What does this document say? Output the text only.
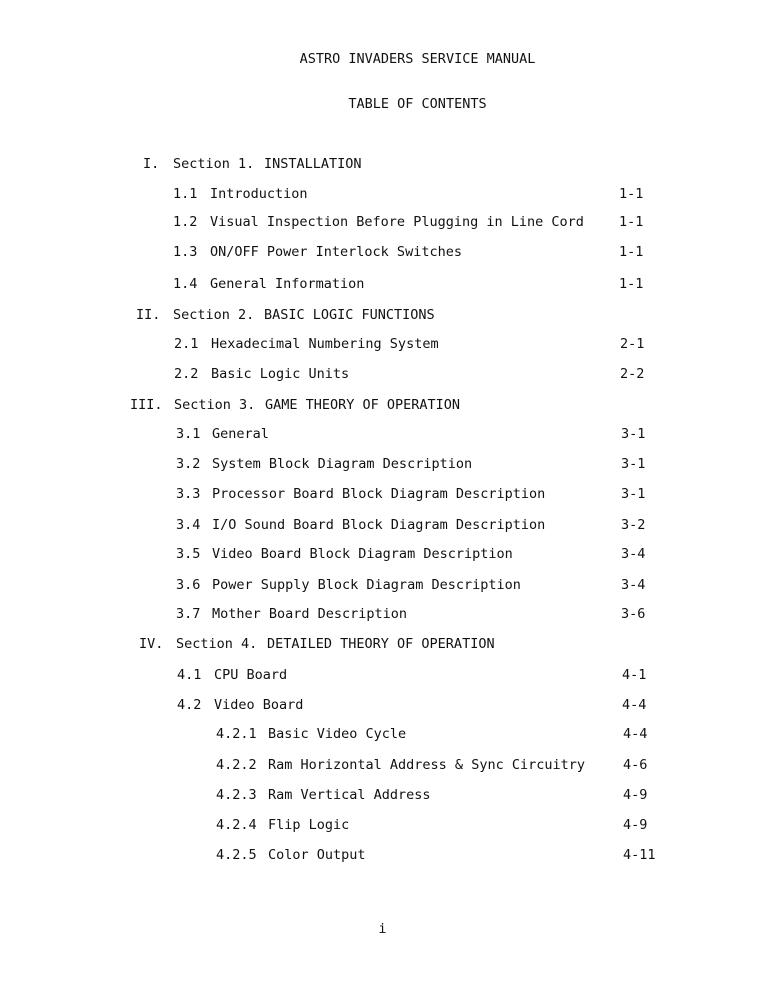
ASTRO INVADERS SERVICE MANUAL
TABLE OF CONTENTS
I. Section 1. INSTALLATION
1.1 Introduction	1-1
1.2 Visual Inspection Before Plugging in Line Cord	1-1
1.3 ON/OFF Power Interlock Switches	1-1
1.4 General Information	1-1
II. Section 2. BASIC LOGIC FUNCTIONS
2.1 Hexadecimal Numbering System	2-1
2.2 Basic Logic Units	2-2
III. Section 3. GAME THEORY OF OPERATION
3.1 General	3-1
3.2 System Block Diagram Description	3-1
3.3 Processor Board Block Diagram Description	3-1
3.4 I/O Sound Board Block Diagram Description	3-2
3.5 Video Board Block Diagram Description	3-4
3.6 Power Supply Block Diagram Description	3-4
3.7 Mother Board Description	3-6
IV. Section 4. DETAILED THEORY OF OPERATION
4.1 CPU Board	4-1
4.2 Video Board	4-4
4.2.1 Basic Video Cycle	4-4
4.2.2 Ram Horizontal Address & Sync Circuitry	4-6
4.2.3 Ram Vertical Address	4-9
4.2.4 Flip Logic	4-9
4.2.5 Color Output	4-11
i
